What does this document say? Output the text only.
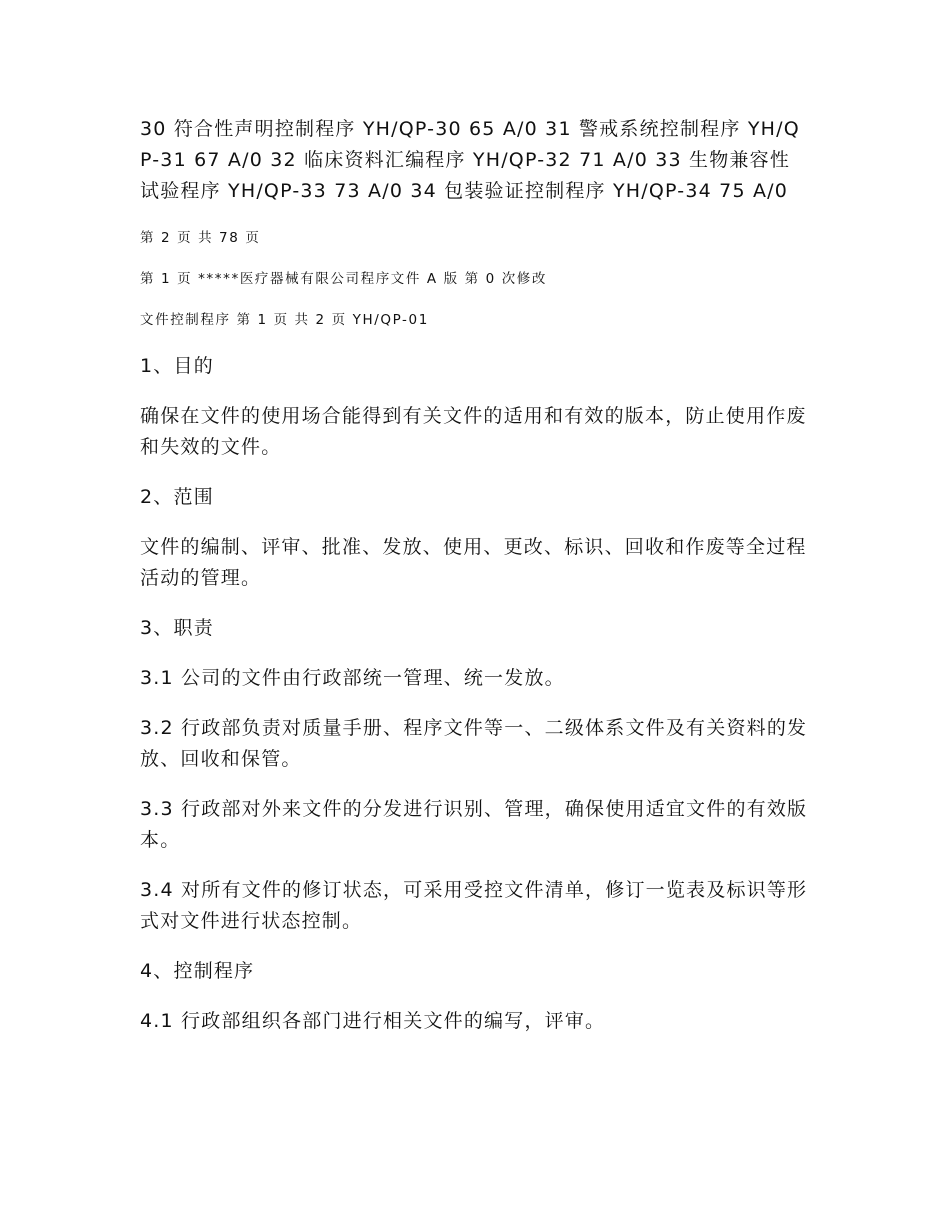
30 符合性声明控制程序 YH/QP-30 65 A/0 31 警戒系统控制程序 YH/QP-31 67 A/0 32 临床资料汇编程序 YH/QP-32 71 A/0 33 生物兼容性试验程序 YH/QP-33 73 A/0 34 包装验证控制程序 YH/QP-34 75 A/0

第 2 页 共 78 页

第 1 页 *****医疗器械有限公司程序文件 A 版 第 0 次修改

文件控制程序 第 1 页 共 2 页 YH/QP-01

1、目的

确保在文件的使用场合能得到有关文件的适用和有效的版本，防止使用作废和失效的文件。

2、范围

文件的编制、评审、批准、发放、使用、更改、标识、回收和作废等全过程活动的管理。

3、职责

3.1 公司的文件由行政部统一管理、统一发放。

3.2 行政部负责对质量手册、程序文件等一、二级体系文件及有关资料的发放、回收和保管。

3.3 行政部对外来文件的分发进行识别、管理，确保使用适宜文件的有效版本。

3.4 对所有文件的修订状态，可采用受控文件清单，修订一览表及标识等形式对文件进行状态控制。

4、控制程序

4.1 行政部组织各部门进行相关文件的编写，评审。
